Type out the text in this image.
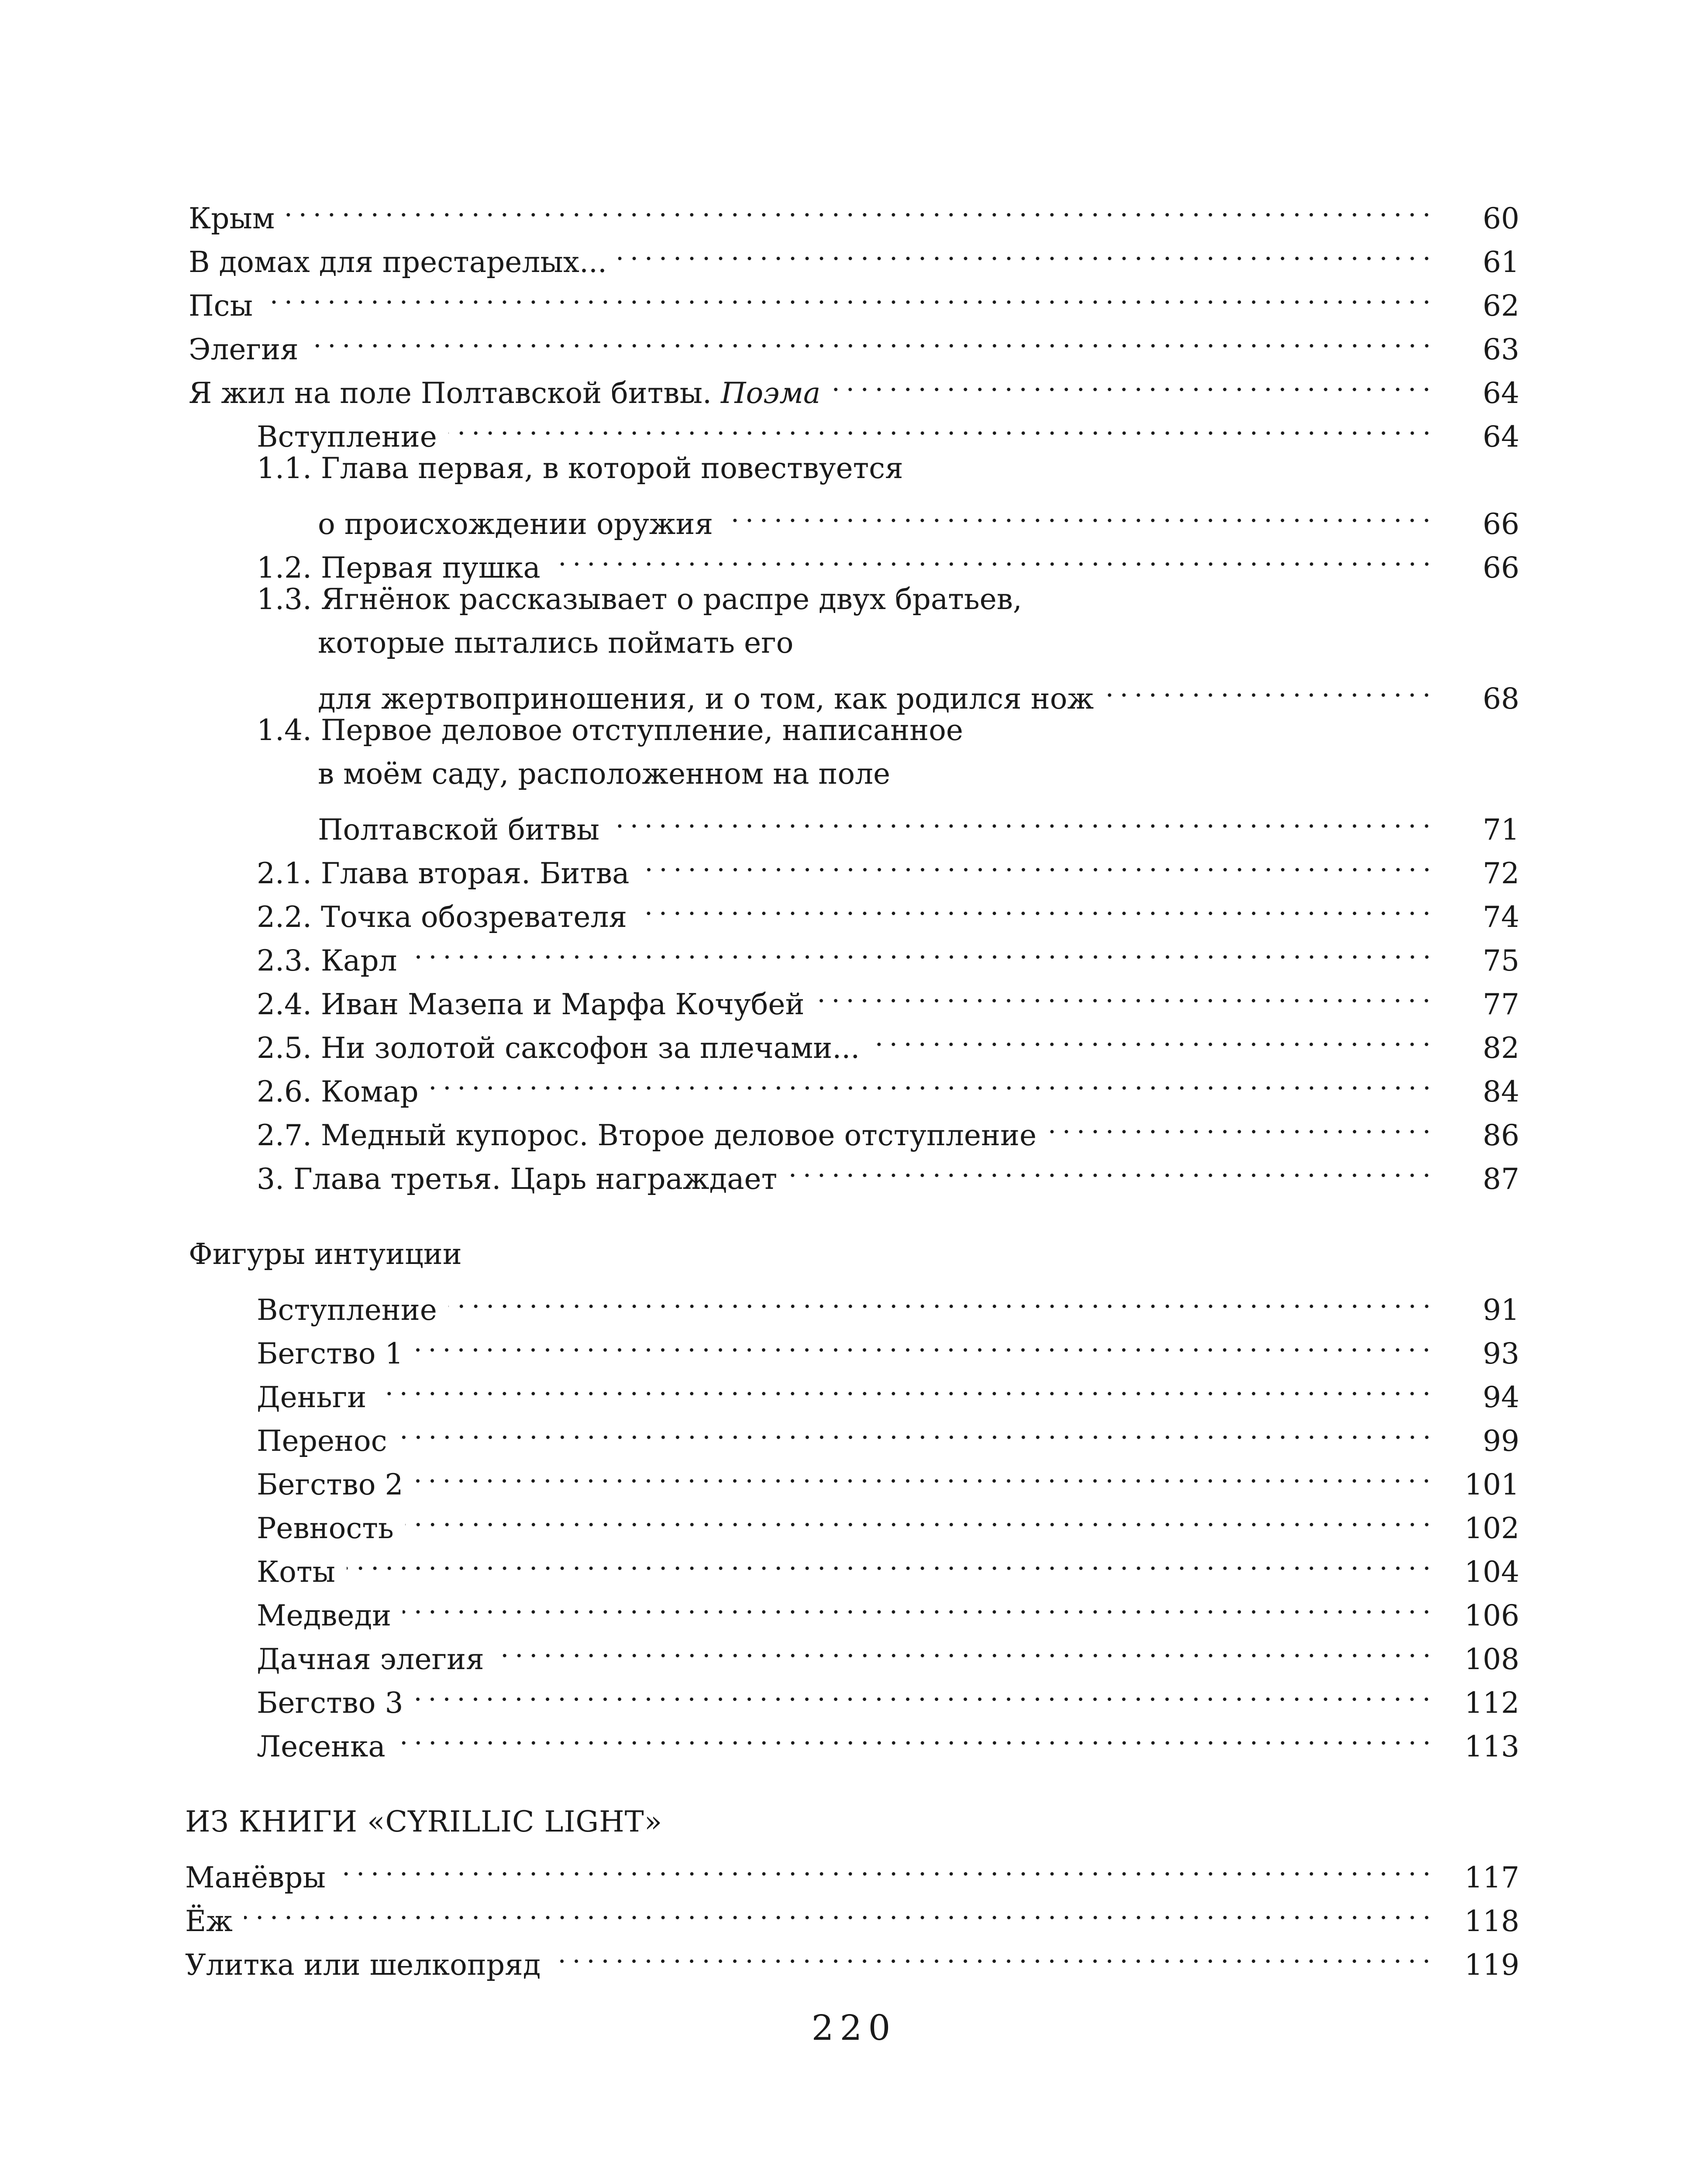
Крым	60
В домах для престарелых...	61
Псы	62
Элегия	63
Я жил на поле Полтавской битвы. Поэма	64
Вступление	64
1.1. Глава первая, в которой повествуется
о происхождении оружия	66
1.2. Первая пушка	66
1.3. Ягнёнок рассказывает о распре двух братьев,
которые пытались поймать его
для жертвоприношения, и о том, как родился нож	68
1.4. Первое деловое отступление, написанное
в моём саду, расположенном на поле
Полтавской битвы	71
2.1. Глава вторая. Битва	72
2.2. Точка обозревателя	74
2.3. Карл	75
2.4. Иван Мазепа и Марфа Кочубей	77
2.5. Ни золотой саксофон за плечами...	82
2.6. Комар	84
2.7. Медный купорос. Второе деловое отступление	86
3. Глава третья. Царь награждает	87
Фигуры интуиции
Вступление	91
Бегство 1	93
Деньги	94
Перенос	99
Бегство 2	101
Ревность	102
Коты	104
Медведи	106
Дачная элегия	108
Бегство 3	112
Лесенка	113
ИЗ КНИГИ «CYRILLIC LIGHT»
Манёвры	117
Ёж	118
Улитка или шелкопряд	119
220
